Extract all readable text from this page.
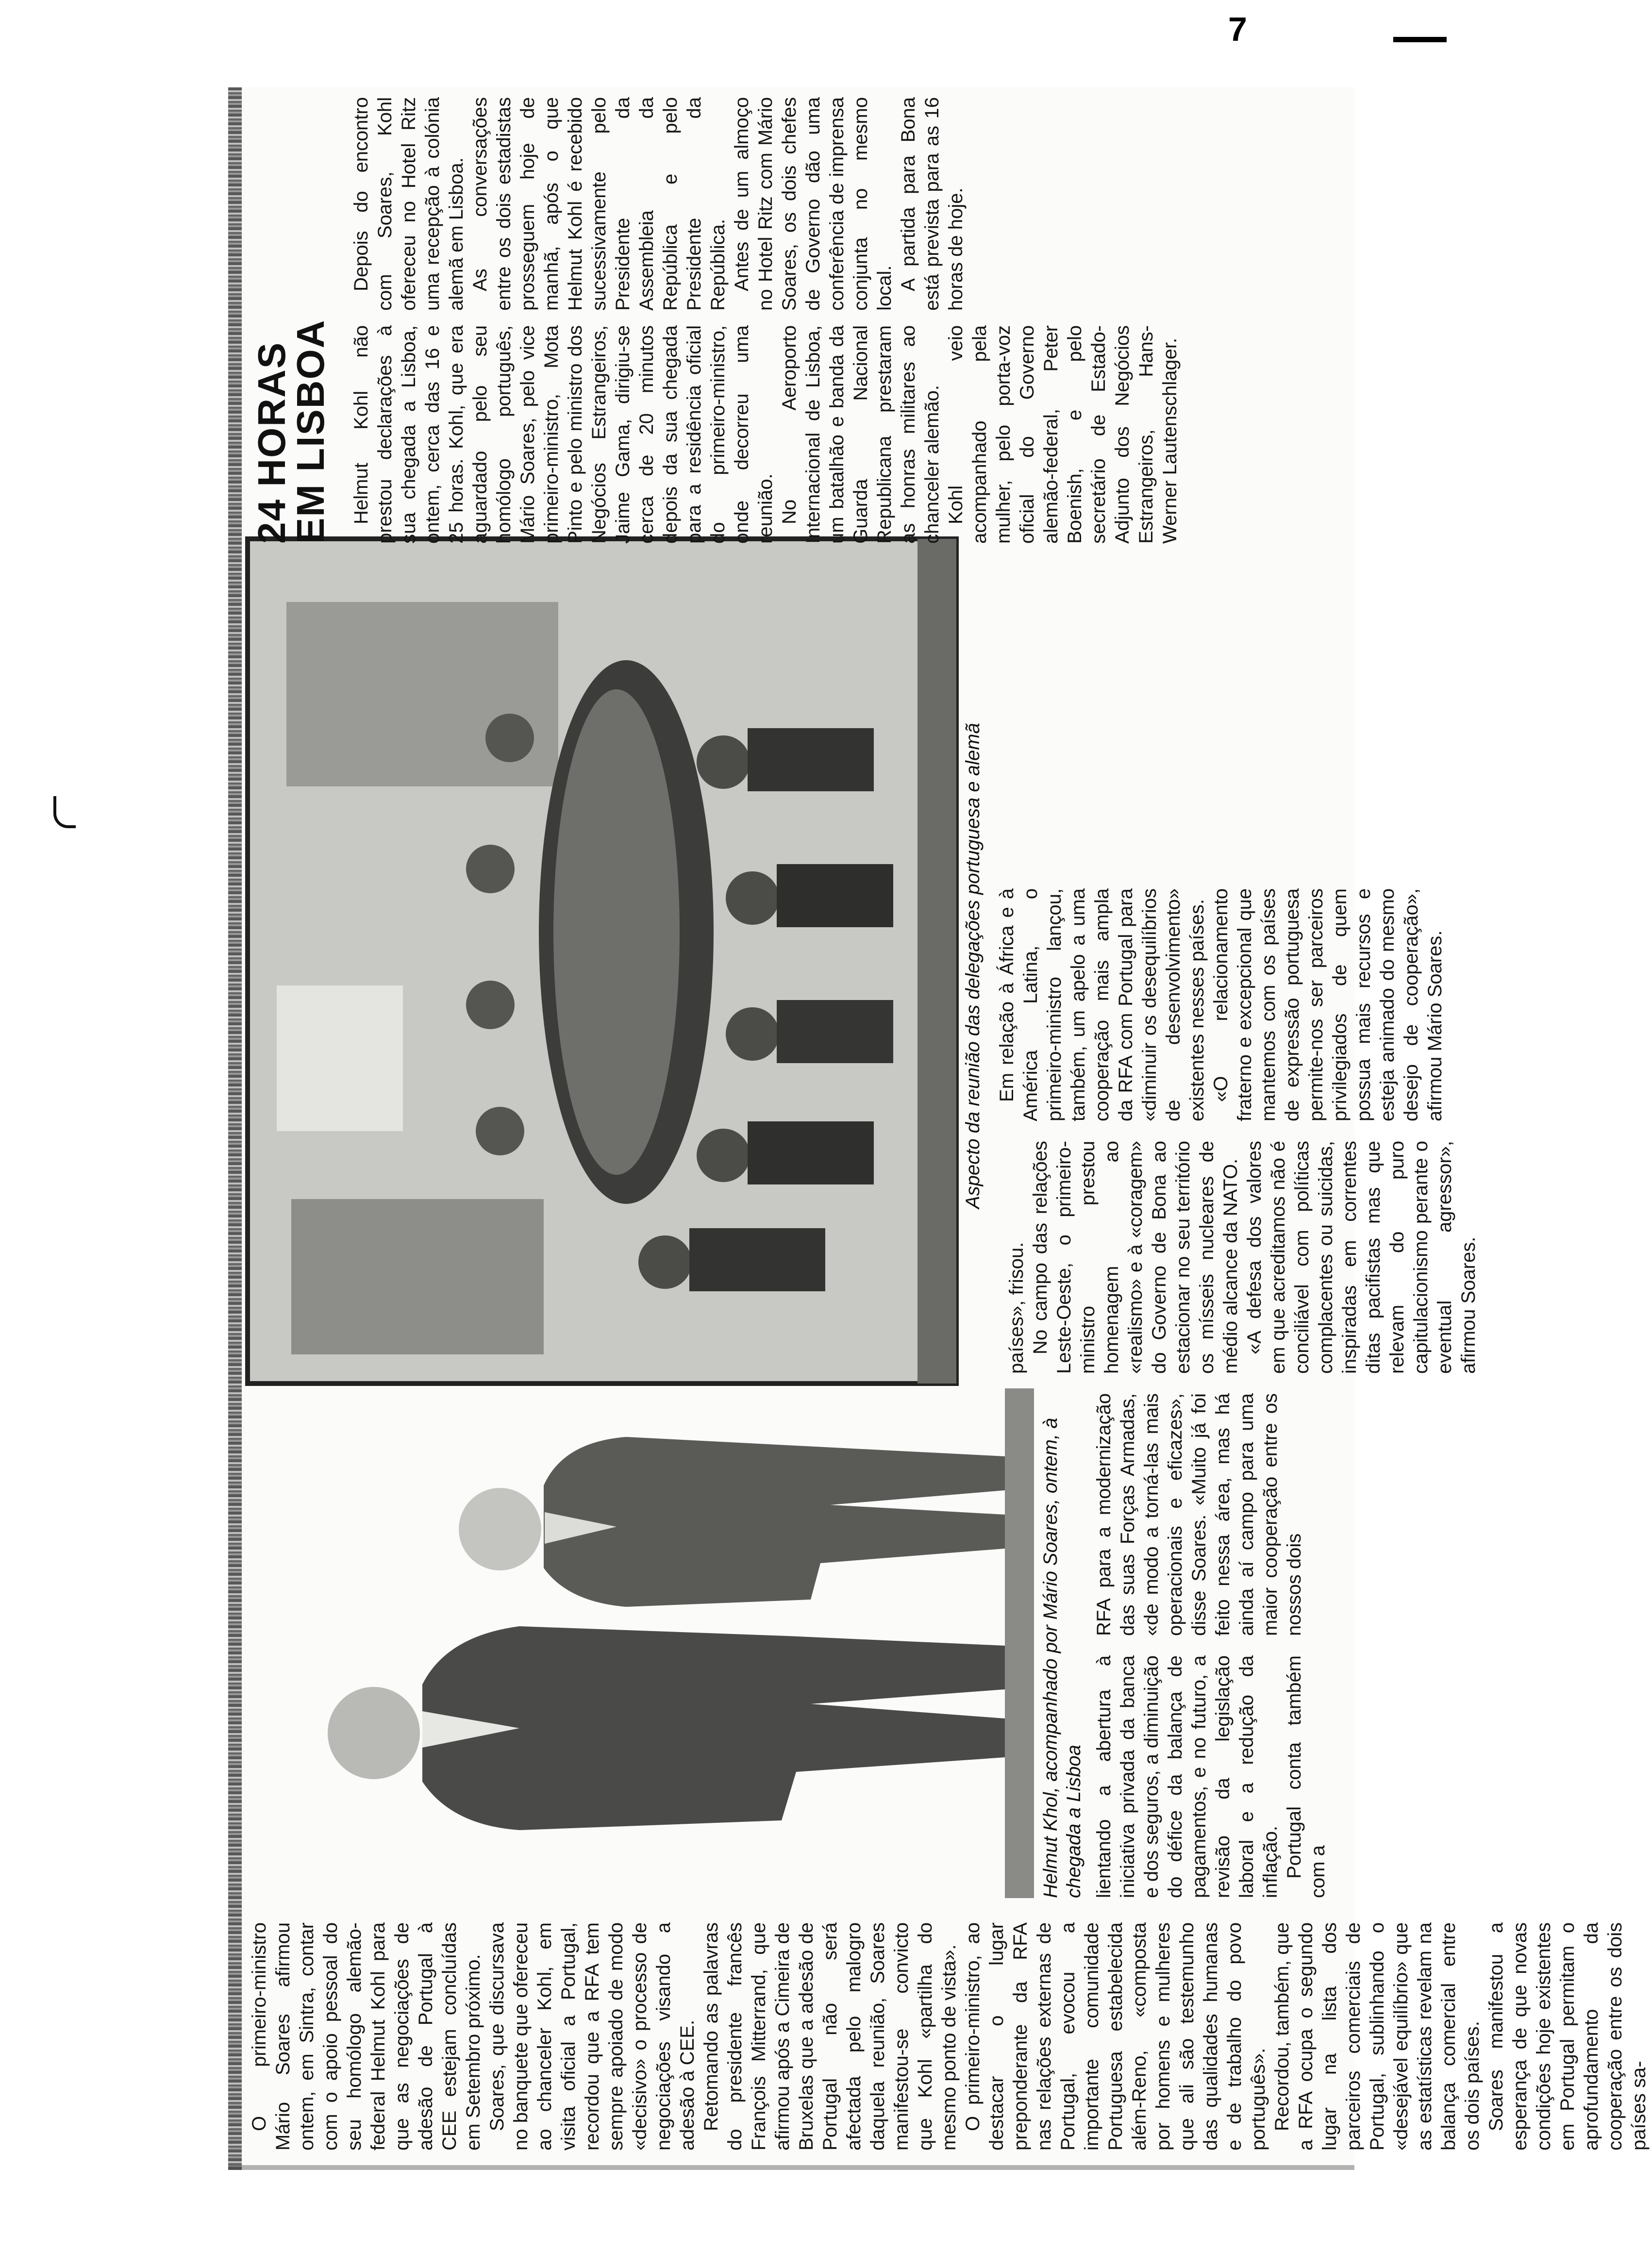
O primeiro-ministro Mário Soares afirmou ontem, em Sintra, contar com o apoio pessoal do seu homólogo alemão-federal Helmut Kohl para que as negociações de adesão de Portugal à CEE estejam concluídas em Setembro próximo. Soares, que discursava no banquete que ofereceu ao chanceler Kohl, em visita oficial a Portugal, recordou que a RFA tem sempre apoiado de modo «decisivo» o processo de negociações visando a adesão à CEE. Retomando as palavras do presidente francês François Mitterrand, que afirmou após a Cimeira de Bruxelas que a adesão de Portugal não será afectada pelo malogro daquela reunião, Soares manifestou-se convicto que Kohl «partilha do mesmo ponto de vista». O primeiro-ministro, ao destacar o lugar preponderante da RFA nas relações externas de Portugal, evocou a importante comunidade Portuguesa estabelecida além-Reno, «composta por homens e mulheres que ali são testemunho das qualidades humanas e de trabalho do povo português». Recordou, também, que a RFA ocupa o segundo lugar na lista dos parceiros comerciais de Portugal, sublinhando o «desejável equilíbrio» que as estatísticas revelam na balança comercial entre os dois países. Soares manifestou a esperança de que novas condições hoje existentes em Portugal permitam o aprofundamento da cooperação entre os dois países sa-

Helmut Khol, acompanhado por Mário Soares, ontem, à chegada a Lisboa
Aspecto da reunião das delegações portuguesa e alemã

lientando a abertura à iniciativa privada da banca e dos seguros, a diminuição do défice da balança de pagamentos, e no futuro, a revisão da legislação laboral e a redução da inflação. Portugal conta também com a

RFA para a modernização das suas Forças Armadas, «de modo a torná-las mais operacionais e eficazes», disse Soares. «Muito já foi feito nessa área, mas há ainda aí campo para uma maior cooperação entre os nossos dois

países», frisou. No campo das relações Leste-Oeste, o primeiro-ministro prestou homenagem ao «realismo» e à «coragem» do Governo de Bona ao estacionar no seu território os mísseis nucleares de médio alcance da NATO. «A defesa dos valores em que acreditamos não é conciliável com políticas complacentes ou suicidas, inspiradas em correntes ditas pacifistas mas que relevam do puro capitulacionismo perante o eventual agressor», afirmou Soares.

Em relação à África e à América Latina, o primeiro-ministro lançou, também, um apelo a uma cooperação mais ampla da RFA com Portugal para «diminuir os desequilíbrios de desenvolvimento» existentes nesses países. «O relacionamento fraterno e excepcional que mantemos com os países de expressão portuguesa permite-nos ser parceiros privilegiados de quem possua mais recursos e esteja animado do mesmo desejo de cooperação», afirmou Mário Soares.

24 HORAS
EM LISBOA Helmut Kohl não prestou declarações à sua chegada a Lisboa, ontem, cerca das 16 e 25 horas. Kohl, que era aguardado pelo seu homólogo português, Mário Soares, pelo vice primeiro-ministro, Mota Pinto e pelo ministro dos Negócios Estrangeiros, Jaime Gama, dirigiu-se cerca de 20 minutos depois da sua chegada para a residência oficial do primeiro-ministro, onde decorreu uma reunião. No Aeroporto Internacional de Lisboa, um batalhão e banda da Guarda Nacional Republicana prestaram as honras militares ao chanceler alemão. Kohl veio acompanhado pela mulher, pelo porta-voz oficial do Governo alemão-federal, Peter Boenish, e pelo secretário de Estado-Adjunto dos Negócios Estrangeiros, Hans-Werner Lautenschlager.

Depois do encontro com Soares, Kohl ofereceu no Hotel Ritz uma recepção à colónia alemã em Lisboa. As conversações entre os dois estadistas prosseguem hoje de manhã, após o que Helmut Kohl é recebido sucessivamente pelo Presidente da Assembleia da República e pelo Presidente da República. Antes de um almoço no Hotel Ritz com Mário Soares, os dois chefes de Governo dão uma conferência de imprensa conjunta no mesmo local. A partida para Bona está prevista para as 16 horas de hoje.

7	—
